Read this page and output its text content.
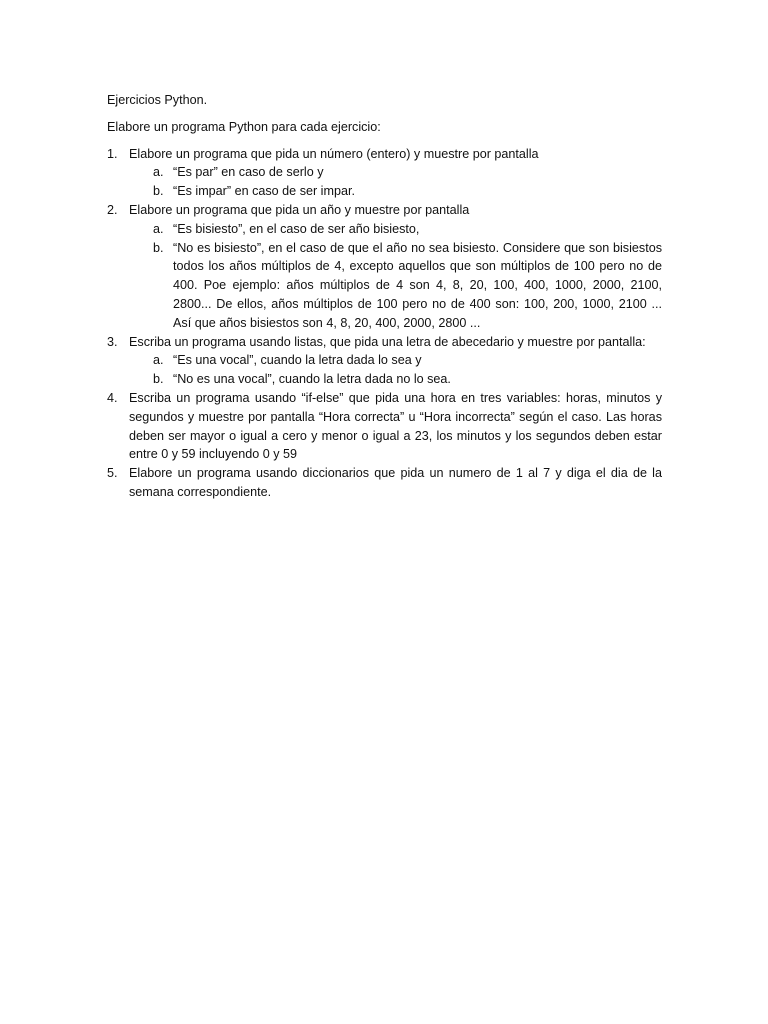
Ejercicios Python.

Elabore un programa Python para cada ejercicio:

1. Elabore un programa que pida un número (entero) y muestre por pantalla
a. “Es par” en caso de serlo y
b. “Es impar” en caso de ser impar.
2. Elabore un programa que pida un año y muestre por pantalla
a. “Es bisiesto”, en el caso de ser año bisiesto,
b. “No es bisiesto”, en el caso de que el año no sea bisiesto. Considere que son bisiestos todos los años múltiplos de 4, excepto aquellos que son múltiplos de 100 pero no de 400. Poe ejemplo: años múltiplos de 4 son 4, 8, 20, 100, 400, 1000, 2000, 2100, 2800... De ellos, años múltiplos de 100 pero no de 400 son: 100, 200, 1000, 2100 ... Así que años bisiestos son 4, 8, 20, 400, 2000, 2800 ...
3. Escriba un programa usando listas, que pida una letra de abecedario y muestre por pantalla:
a. “Es una vocal”, cuando la letra dada lo sea y
b. “No es una vocal”, cuando la letra dada no lo sea.
4. Escriba un programa usando “if-else” que pida una hora en tres variables: horas, minutos y segundos y muestre por pantalla “Hora correcta” u “Hora incorrecta” según el caso. Las horas deben ser mayor o igual a cero y menor o igual a 23, los minutos y los segundos deben estar entre 0 y 59 incluyendo 0 y 59
5. Elabore un programa usando diccionarios que pida un numero de 1 al 7 y diga el dia de la semana correspondiente.
